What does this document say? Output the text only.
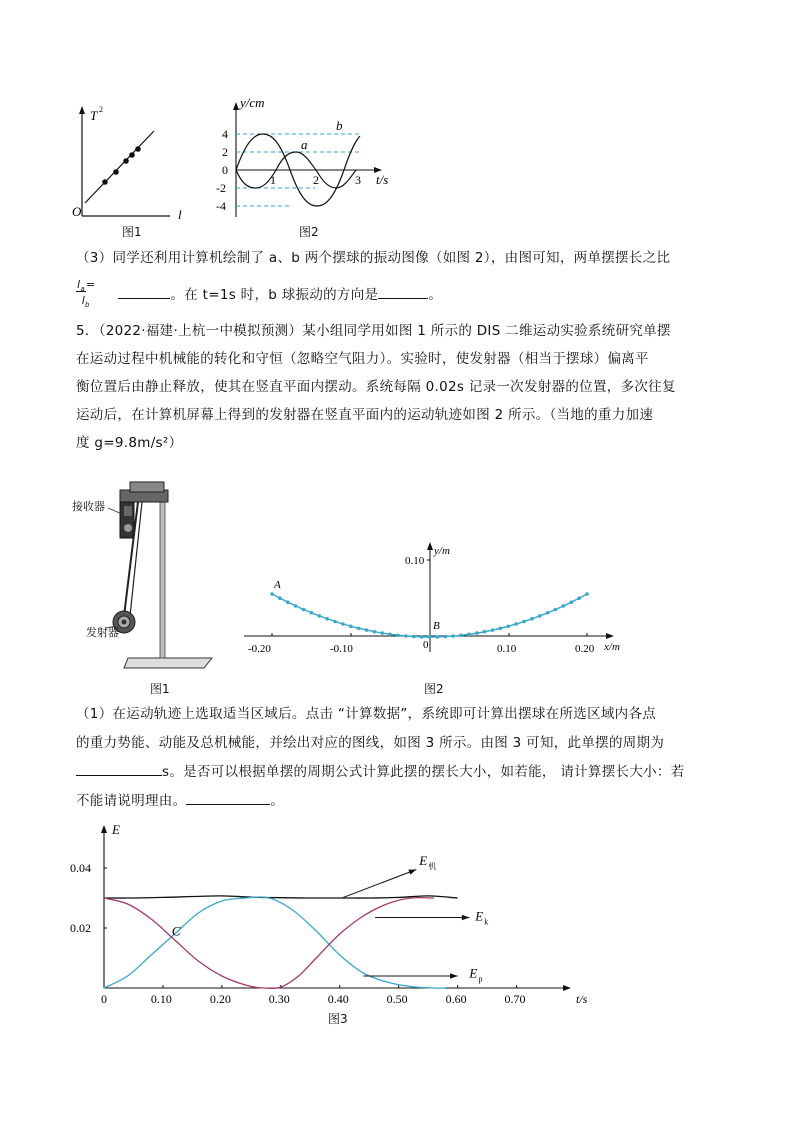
T 2
O	l
图1
4
2
0
-2
-4
1	2	3
y/cm
t/s
a
b
图2
（3）同学还利用计算机绘制了 a、b 两个摆球的振动图像（如图 2），由图可知，两单摆摆长之比
$l_a=$
$l_b$     。在 t=1s 时，b 球振动的方向是	。
5．（2022·福建·上杭一中模拟预测）某小组同学用如图 1 所示的 DIS 二维运动实验系统研究单摆
在运动过程中机械能的转化和守恒（忽略空气阻力）。实验时，使发射器（相当于摆球）偏离平
衡位置后由静止释放，使其在竖直平面内摆动。系统每隔 0.02s 记录一次发射器的位置，多次往复
运动后，在计算机屏幕上得到的发射器在竖直平面内的运动轨迹如图 2 所示。（当地的重力加速
度 g=9.8m/s²）
接收器
发射器
图1
-0.20	-0.10	0	0.10	0.20
0.10
y/m
x/m
A
B
图2
（1）在运动轨迹上选取适当区域后。点击 “计算数据”，系统即可计算出摆球在所选区域内各点
的重力势能、动能及总机械能，并绘出对应的图线，如图 3 所示。由图 3 可知，此单摆的周期为
s。是否可以根据单摆的周期公式计算此摆的摆长大小，如若能， 请计算摆长大小：若
不能请说明理由。	。
0	0.10	0.20	0.30	0.40	0.50	0.60	0.70	t/s
0.02
0.04
E
E 机
E k
E p
C
图3
